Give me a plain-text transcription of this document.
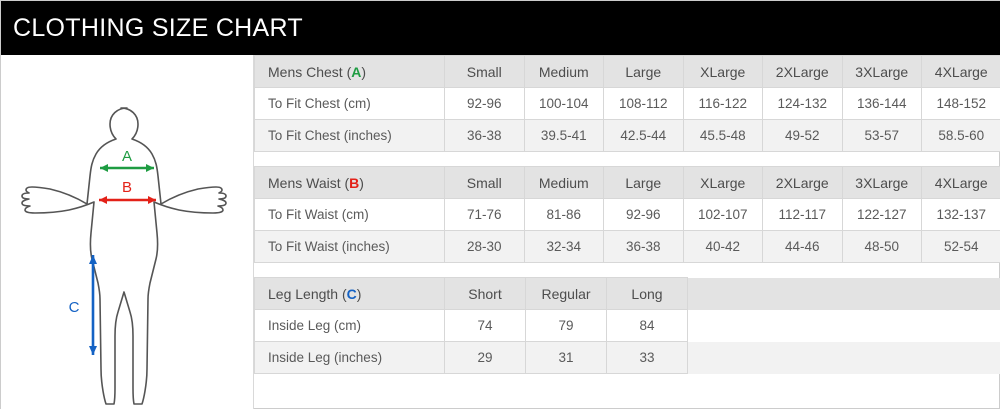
CLOTHING SIZE CHART
A
B
C
Mens Chest (A)	Small	Medium	Large	XLarge	2XLarge	3XLarge	4XLarge
To Fit Chest (cm)	92-96	100-104	108-112	116-122	124-132	136-144	148-152
To Fit Chest (inches)	36-38	39.5-41	42.5-44	45.5-48	49-52	53-57	58.5-60
Mens Waist (B)	Small	Medium	Large	XLarge	2XLarge	3XLarge	4XLarge
To Fit Waist (cm)	71-76	81-86	92-96	102-107	112-117	122-127	132-137
To Fit Waist (inches)	28-30	32-34	36-38	40-42	44-46	48-50	52-54
Leg Length (C)	Short	Regular	Long	
Inside Leg (cm)	74	79	84	
Inside Leg (inches)	29	31	33	
